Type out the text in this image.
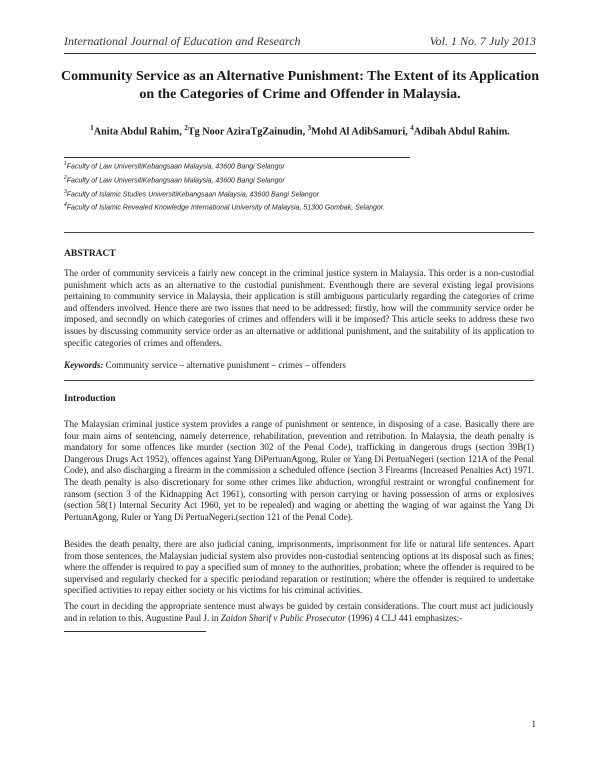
International Journal of Education and Research	Vol. 1 No. 7 July 2013
Community Service as an Alternative Punishment: The Extent of its Application
on the Categories of Crime and Offender in Malaysia.
$^1$Anita Abdul Rahim, $^2$Tg Noor AziraTgZainudin, $^3$Mohd Al AdibSamuri, $^4$Adibah Abdul Rahim.
$^1$Faculty of Law UniversitiKebangsaan Malaysia, 43600 Bangi Selangor
$^2$Faculty of Law UniversitiKebangsaan Malaysia, 43600 Bangi Selangor
$^3$Faculty of Islamic Studies UniversitiKebangsaan Malaysia, 43600 Bangi Selangor
$^4$Faculty of Islamic Revealed Knowledge International University of Malaysia, 51300 Gombak, Selangor.
ABSTRACT
The order of community serviceis a fairly new concept in the criminal justice system in Malaysia. This order is a non-custodial punishment which acts as an alternative to the custodial punishment. Eventhough there are several existing legal provisions pertaining to community service in Malaysia, their application is still ambiguous particularly regarding the categories of crime and offenders involved. Hence there are two issues that need to be addressed; firstly, how will the community service order be imposed, and secondly on which categories of crimes and offenders will it be imposed? This article seeks to address these two issues by discussing community service order as an alternative or additional punishment, and the suitability of its application to specific categories of crimes and offenders.
Keywords: Community service – alternative punishment – crimes – offenders
Introduction
The Malaysian criminal justice system provides a range of punishment or sentence, in disposing of a case. Basically there are four main aims of sentencing, namely deterrence, rehabilitation, prevention and retribution. In Malaysia, the death penalty is mandatory for some offences like murder (section 302 of the Penal Code), trafficking in dangerous drugs (section 39B(1) Dangerous Drugs Act 1952), offences against Yang DiPertuanAgong, Ruler or Yang Di PertuaNegeri (section 121A of the Penal Code), and also discharging a firearm in the commission a scheduled offence (section 3 Firearms (Increased Penalties Act) 1971. The death penalty is also discretionary for some other crimes like abduction, wrongful restraint or wrongful confinement for ransom (section 3 of the Kidnapping Act 1961), consorting with person carrying or having possession of arms or explosives (section 58(1) Internal Security Act 1960, yet to be repealed) and waging or abetting the waging of war against the Yang Di PertuanAgong, Ruler or Yang Di PertuaNegeri.(section 121 of the Penal Code).
Besides the death penalty, there are also judicial caning, imprisonments, imprisonment for life or natural life sentences. Apart from those sentences, the Malaysian judicial system also provides non-custodial sentencing options at its disposal such as fines; where the offender is required to pay a specified sum of money to the authorities, probation; where the offender is required to be supervised and regularly checked for a specific periodand reparation or restitution; where the offender is required to undertake specified activities to repay either society or his victims for his criminal activities.
The court in deciding the appropriate sentence must always be guided by certain considerations. The court must act judiciously and in relation to this, Augustine Paul J. in Zaidon Sharif v Public Prosecutor (1996) 4 CLJ 441 emphasizes:-
1
